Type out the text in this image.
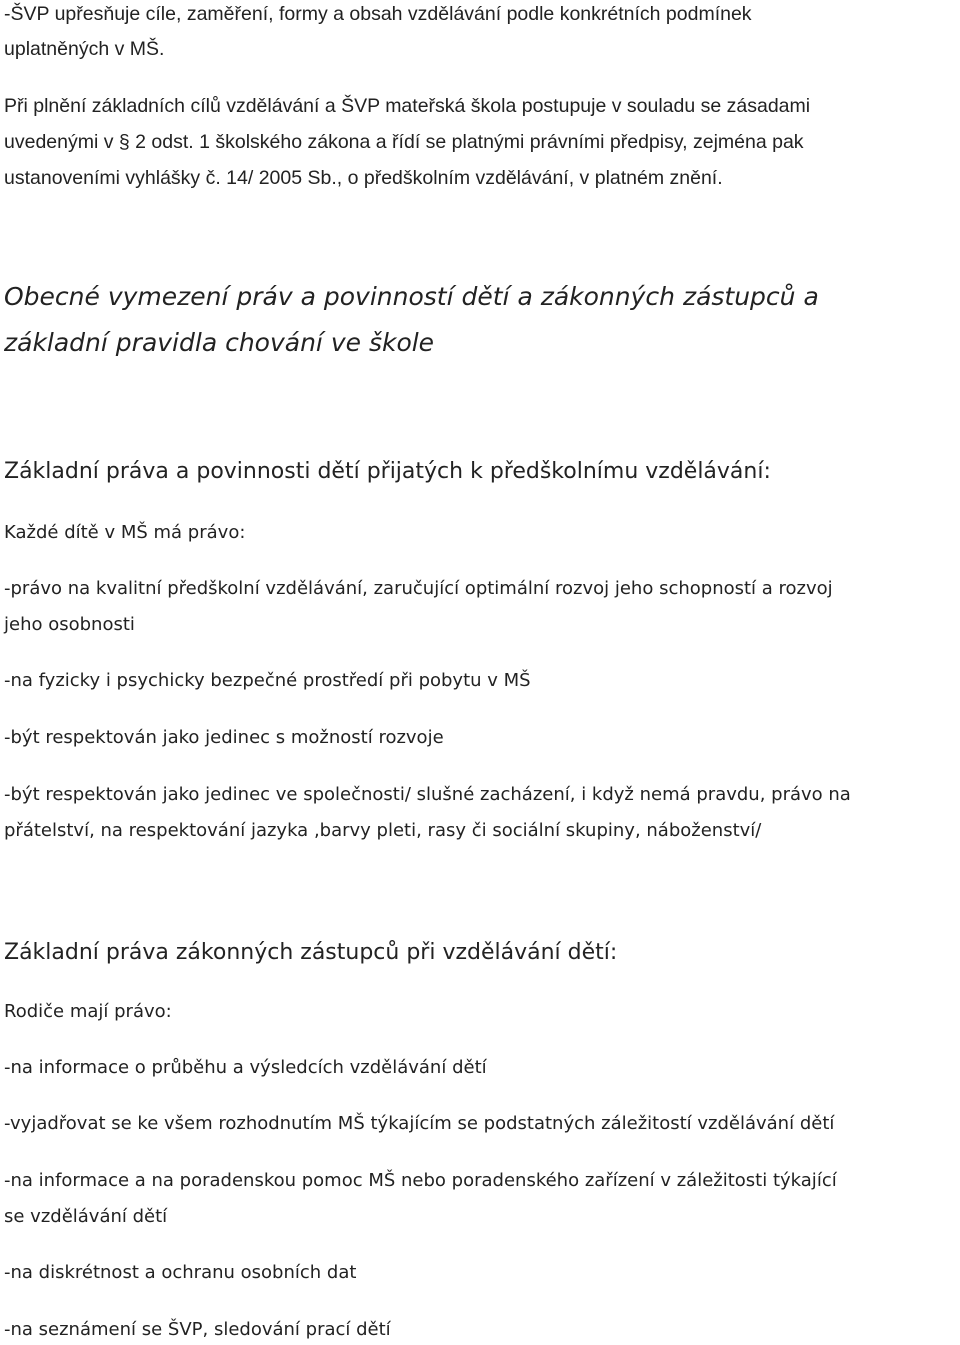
-ŠVP upřesňuje cíle, zaměření, formy a obsah vzdělávání podle konkrétních podmínek
uplatněných v MŠ.
Při plnění základních cílů vzdělávání a ŠVP mateřská škola postupuje v souladu se zásadami
uvedenými v § 2 odst. 1 školského zákona a řídí se platnými právními předpisy, zejména pak
ustanoveními vyhlášky č. 14/ 2005 Sb., o předškolním vzdělávání, v platném znění.
Obecné vymezení práv a povinností dětí a zákonných zástupců a
základní pravidla chování ve škole
Základní práva a povinnosti dětí přijatých k předškolnímu vzdělávání:
Každé dítě v MŠ má právo:
-právo na kvalitní předškolní vzdělávání, zaručující optimální rozvoj jeho schopností a rozvoj
jeho osobnosti
-na fyzicky i psychicky bezpečné prostředí při pobytu v MŠ
-být respektován jako jedinec s možností rozvoje
-být respektován jako jedinec ve společnosti/ slušné zacházení, i když nemá pravdu, právo na
přátelství, na respektování jazyka ,barvy pleti, rasy či sociální skupiny, náboženství/
Základní práva zákonných zástupců při vzdělávání dětí:
Rodiče mají právo:
-na informace o průběhu a výsledcích vzdělávání dětí
-vyjadřovat se ke všem rozhodnutím MŠ týkajícím se podstatných záležitostí vzdělávání dětí
-na informace a na poradenskou pomoc MŠ nebo poradenského zařízení v záležitosti týkající
se vzdělávání dětí
-na diskrétnost a ochranu osobních dat
-na seznámení se ŠVP, sledování prací dětí
